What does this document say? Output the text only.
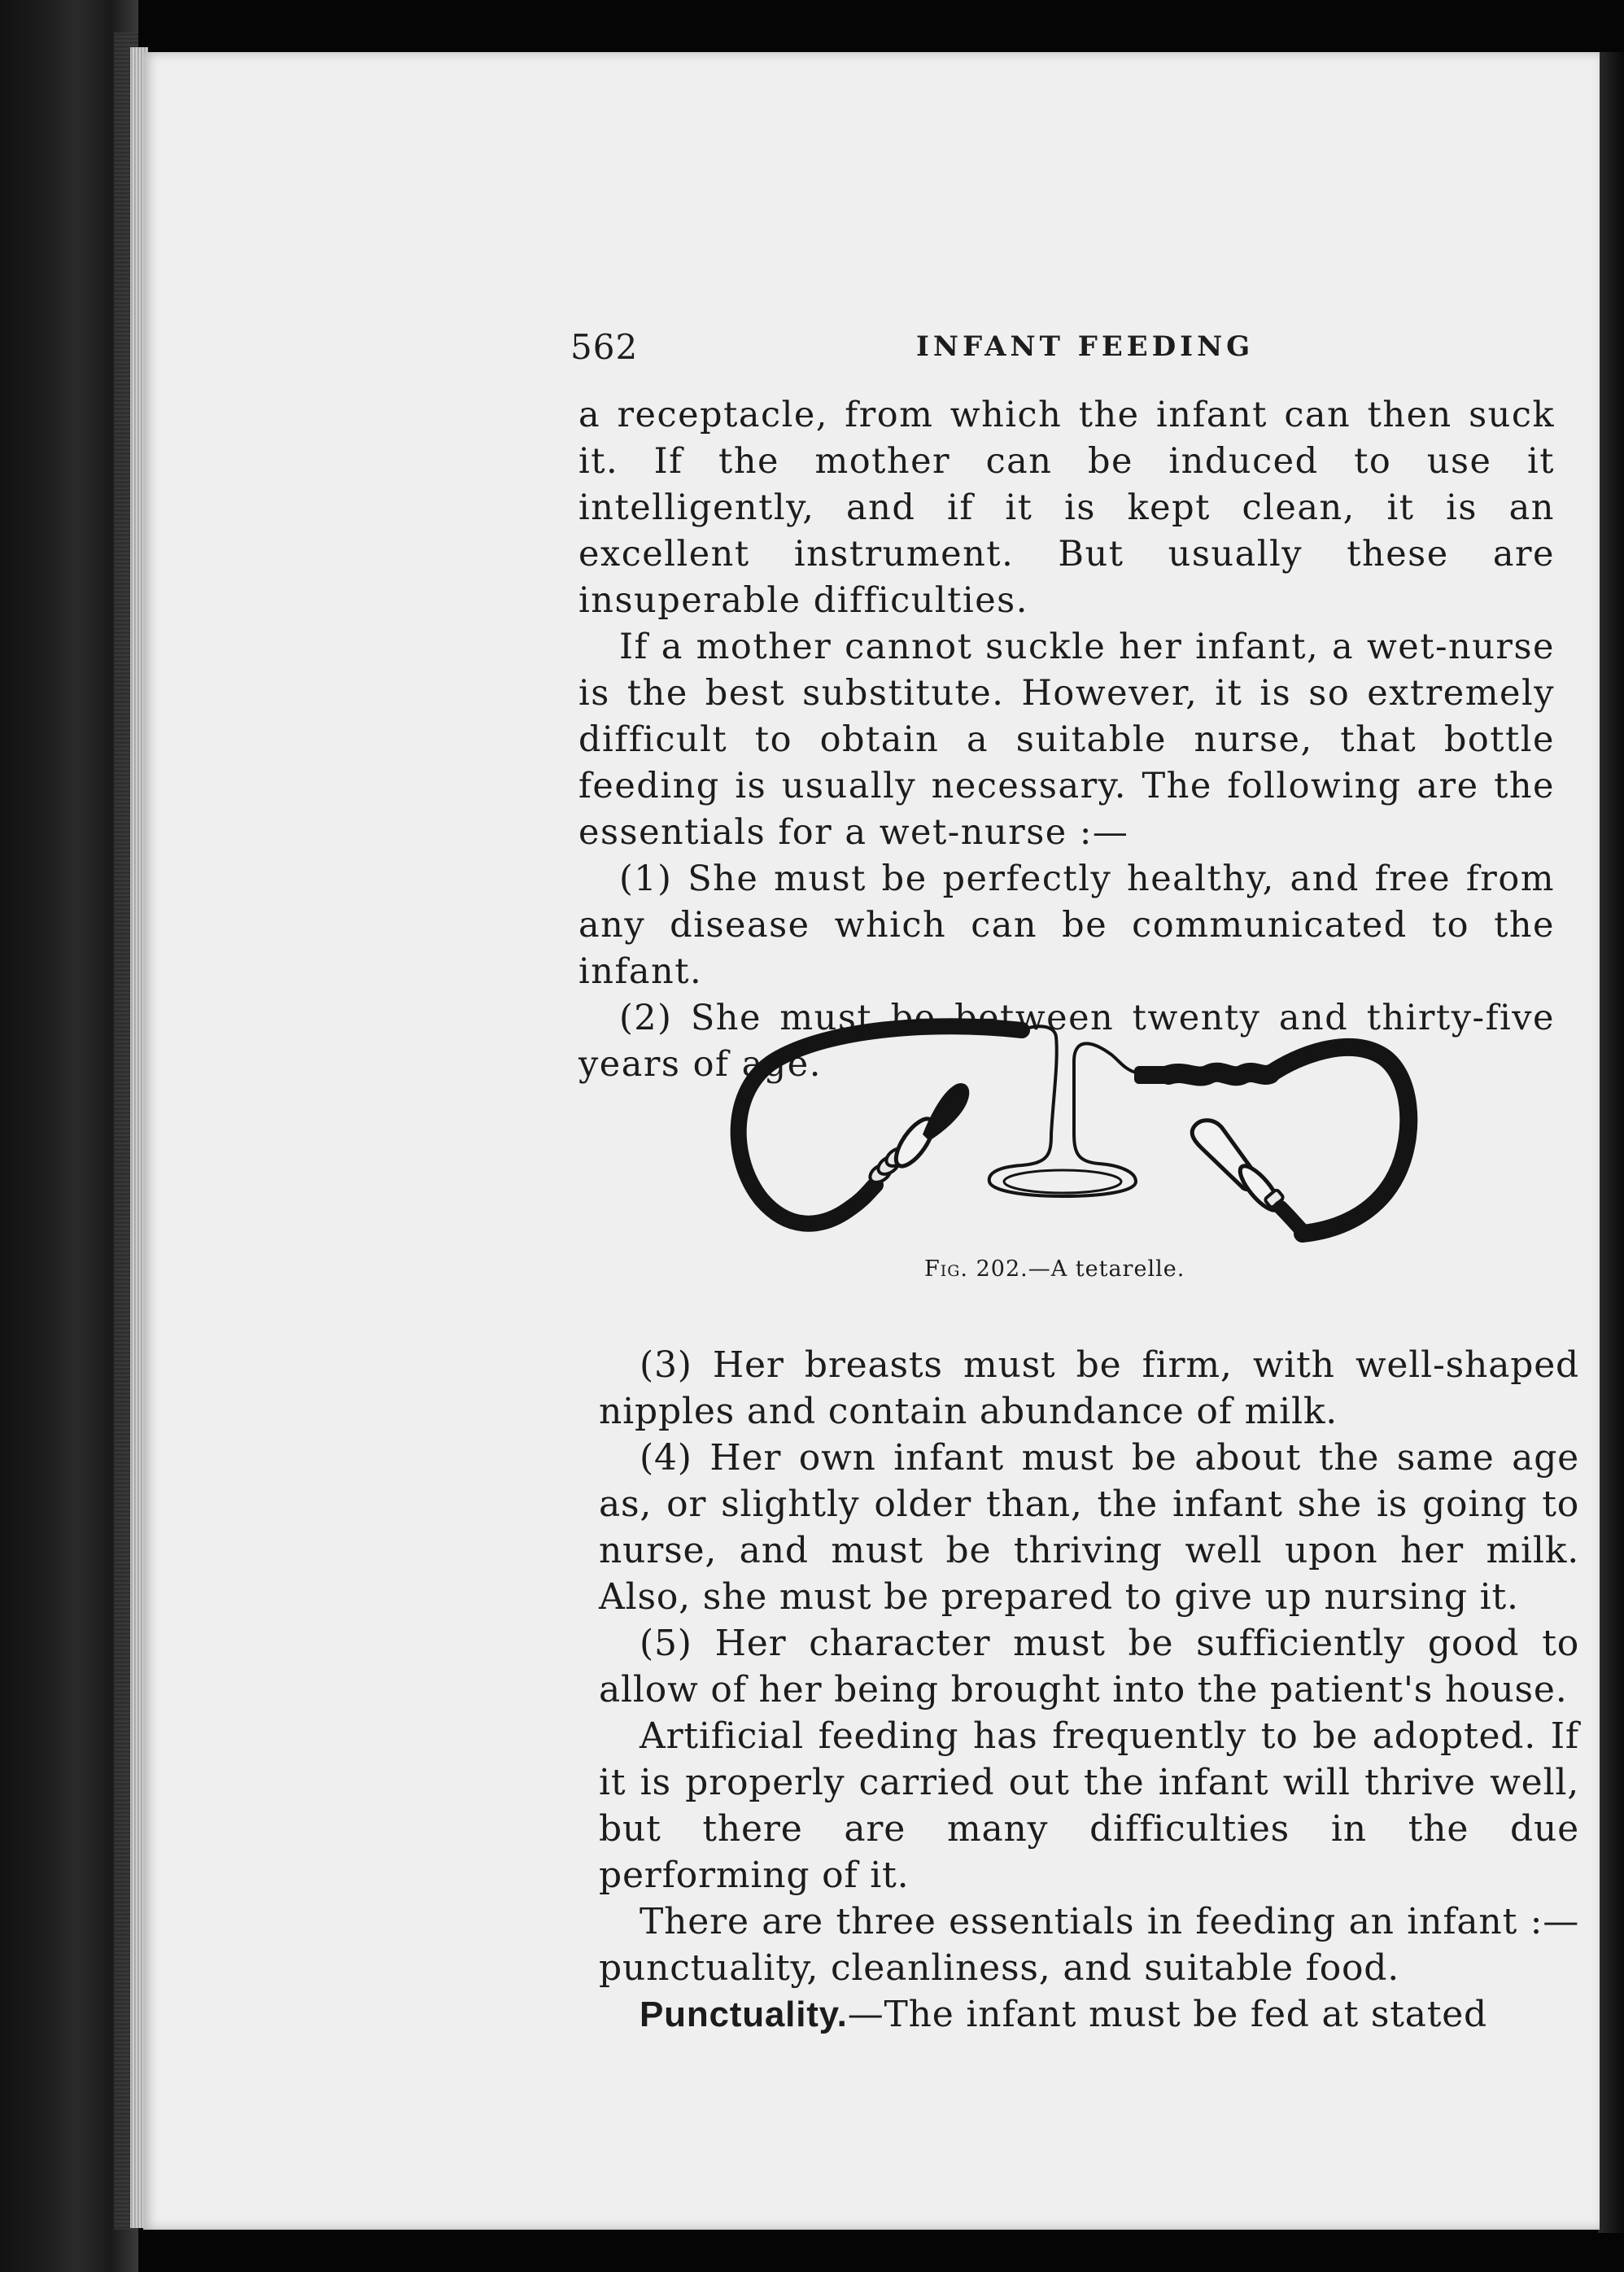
562	INFANT FEEDING

a receptacle, from which the infant can then suck it. If the mother can be induced to use it intelligently, and if it is kept clean, it is an excellent instrument. But usually these are insuperable difficulties.

If a mother cannot suckle her infant, a wet-nurse is the best substitute. However, it is so extremely difficult to obtain a suitable nurse, that bottle feeding is usually necessary. The following are the essentials for a wet-nurse :—

(1) She must be perfectly healthy, and free from any disease which can be communicated to the infant.

(2) She must be between twenty and thirty-five years of age.

Fig. 202.—A tetarelle.

(3) Her breasts must be firm, with well-shaped nipples and contain abundance of milk.

(4) Her own infant must be about the same age as, or slightly older than, the infant she is going to nurse, and must be thriving well upon her milk. Also, she must be prepared to give up nursing it.

(5) Her character must be sufficiently good to allow of her being brought into the patient's house.

Artificial feeding has frequently to be adopted. If it is properly carried out the infant will thrive well, but there are many difficulties in the due performing of it.

There are three essentials in feeding an infant :— punctuality, cleanliness, and suitable food.

Punctuality.—The infant must be fed at stated
